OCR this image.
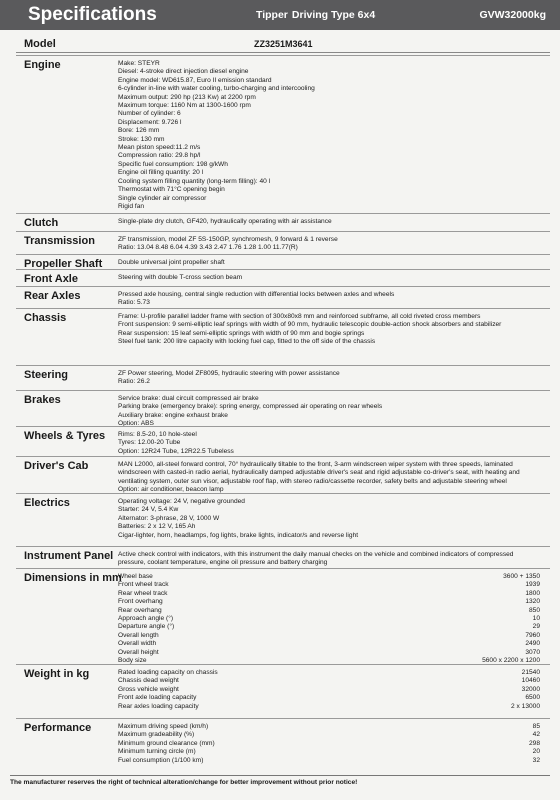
Specifications	Tipper Driving Type 6x4	GVW32000kg
Model	ZZ3251M3641
Engine	Make: STEYR
Diesel: 4-stroke direct injection diesel engine
Engine model: WD615.87, Euro II emission standard
6-cylinder in-line with water cooling, turbo-charging and intercooling
Maximum output: 290 hp (213 Kw) at 2200 rpm
Maximum torque: 1160 Nm at 1300-1600 rpm
Number of cylinder: 6
Displacement: 9.726 l
Bore: 126 mm
Stroke: 130 mm
Mean piston speed:11.2 m/s
Compression ratio: 29.8 hp/l
Specific fuel consumption: 198 g/kWh
Engine oil filling quantity: 20 l
Cooling system filling quantity (long-term filling): 40 l
Thermostat with 71°C opening begin
Single cylinder air compressor
Rigid fan
Clutch	Single-plate dry clutch, GF420, hydraulically operating with air assistance
Transmission	ZF transmission, model ZF 5S-150GP, synchromesh, 9 forward & 1 reverse
Ratio: 13.04 8.48 6.04 4.39 3.43 2.47 1.76 1.28 1.00 11.77(R)
Propeller Shaft	Double universal joint propeller shaft
Front Axle	Steering with double T-cross section beam
Rear Axles	Pressed axle housing, central single reduction with differential locks between axles and wheels
Ratio: 5.73
Chassis	Frame: U-profile parallel ladder frame with section of 300x80x8 mm and reinforced subframe, all cold riveted cross members
Front suspension: 9 semi-elliptic leaf springs with width of 90 mm, hydraulic telescopic double-action shock absorbers and stabilizer
Rear suspension: 15 leaf semi-elliptic springs with width of 90 mm and bogie springs
Steel fuel tank: 200 litre capacity with locking fuel cap, fitted to the off side of the chassis
Steering	ZF Power steering, Model ZF8095, hydraulic steering with power assistance
Ratio: 26.2
Brakes	Service brake: dual circuit compressed air brake
Parking brake (emergency brake): spring energy, compressed air operating on rear wheels
Auxiliary brake: engine exhaust brake
Option: ABS
Wheels & Tyres	Rims: 8.5-20, 10 hole-steel
Tyres: 12.00-20 Tube
Option: 12R24 Tube, 12R22.5 Tubeless
Driver's Cab	MAN L2000, all-steel forward control, 70° hydraulically tiltable to the front, 3-arm windscreen wiper system with three speeds, laminated
windscreen with casted-in radio aerial, hydraulically damped adjustable driver's seat and rigid adjustable co-driver's seat, with heating and
ventilating system, outer sun visor, adjustable roof flap, with stereo radio/cassette recorder, safety belts and adjustable steering wheel
Option: air conditioner, beacon lamp
Electrics	Operating voltage: 24 V, negative grounded
Starter: 24 V, 5.4 Kw
Alternator: 3-phrase, 28 V, 1000 W
Batteries: 2 x 12 V, 165 Ah
Cigar-lighter, horn, headlamps, fog lights, brake lights, indicator/s and reverse light
Instrument Panel Active check control with indicators, with this instrument the daily manual checks on the vehicle and combined indicators of compressed
pressure, coolant temperature, engine oil pressure and battery charging
Dimensions in mm
Wheel base	3600 + 1350
Front wheel track	1939
Rear wheel track	1800
Front overhang	1320
Rear overhang	850
Approach angle (°)	10
Departure angle (°)	29
Overall length	7960
Overall width	2490
Overall height	3070
Body size	5600 x 2200 x 1200
Weight in kg	Rated loading capacity on chassis	21540
Chassis dead weight	10460
Gross vehicle weight	32000
Front axle loading capacity	6500
Rear axles loading capacity	2 x 13000
Performance	Maximum driving speed (km/h)	85
Maximum gradeability (%)	42
Minimum ground clearance (mm)	298
Minimum turning circle (m)	20
Fuel consumption (1/100 km)	32
The manufacturer reserves the right of technical alteration/change for better improvement without prior notice!
